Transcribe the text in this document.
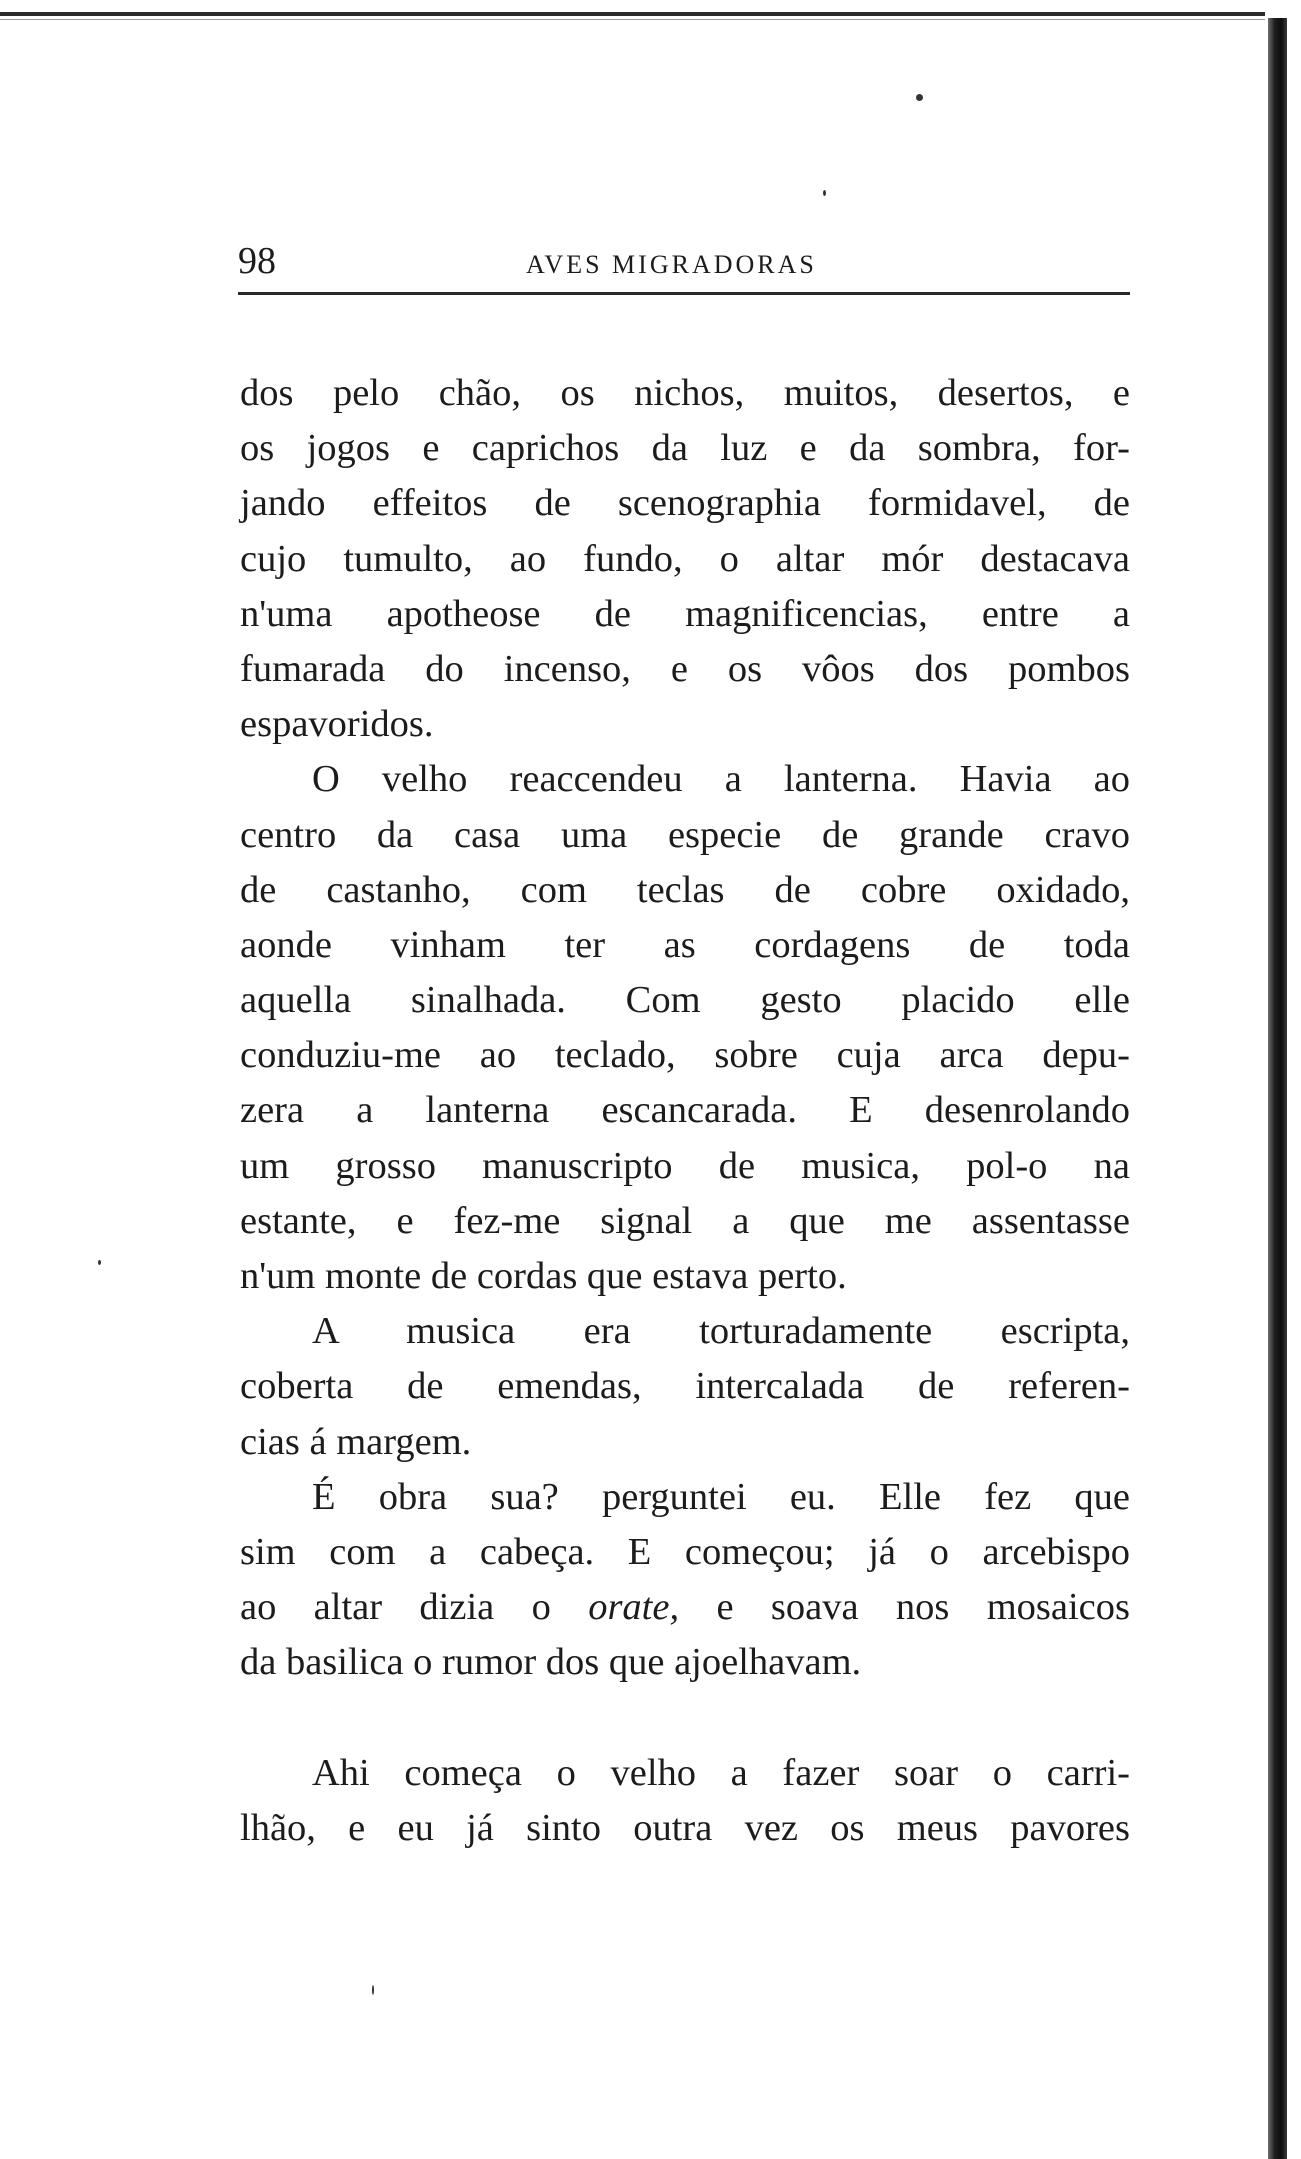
98	AVES MIGRADORAS
dos pelo chão, os nichos, muitos, desertos, e
os jogos e caprichos da luz e da sombra, for-
jando effeitos de scenographia formidavel, de
cujo tumulto, ao fundo, o altar mór destacava
n'uma apotheose de magnificencias, entre a
fumarada do incenso, e os vôos dos pombos
espavoridos.
O velho reaccendeu a lanterna. Havia ao
centro da casa uma especie de grande cravo
de castanho, com teclas de cobre oxidado,
aonde vinham ter as cordagens de toda
aquella sinalhada. Com gesto placido elle
conduziu-me ao teclado, sobre cuja arca depu-
zera a lanterna escancarada. E desenrolando
um grosso manuscripto de musica, pol-o na
estante, e fez-me signal a que me assentasse
n'um monte de cordas que estava perto.
A musica era torturadamente escripta,
coberta de emendas, intercalada de referen-
cias á margem.
É obra sua? perguntei eu. Elle fez que
sim com a cabeça. E começou; já o arcebispo
ao altar dizia o orate, e soava nos mosaicos
da basilica o rumor dos que ajoelhavam.
Ahi começa o velho a fazer soar o carri-
lhão, e eu já sinto outra vez os meus pavores
